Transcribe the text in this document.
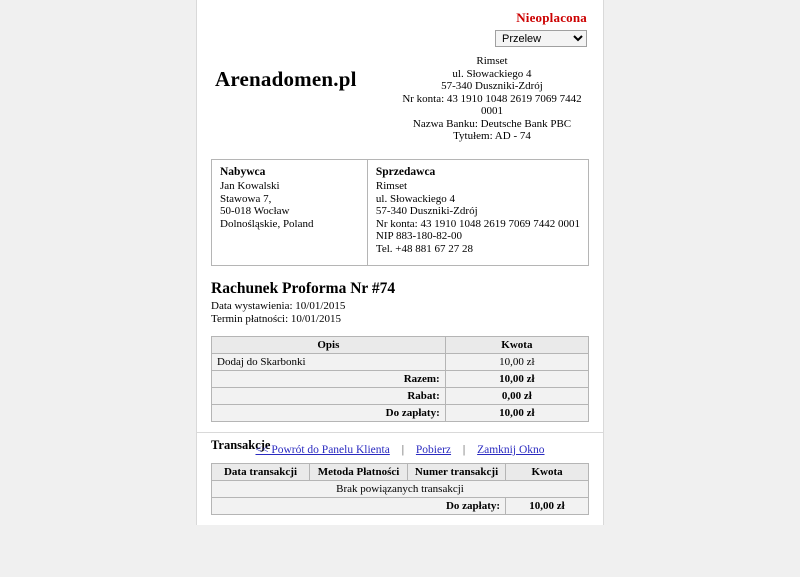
Nieoplacona
Przelew
Arenadomen.pl
Rimset
ul. Słowackiego 4
57-340 Duszniki-Zdrój
Nr konta: 43 1910 1048 2619 7069 7442 0001
Nazwa Banku: Deutsche Bank PBC
Tytułem: AD - 74
Nabywca
Jan Kowalski
Stawowa 7,
50-018 Wocław
Dolnośląskie, Poland
Sprzedawca
Rimset
ul. Słowackiego 4
57-340 Duszniki-Zdrój
Nr konta: 43 1910 1048 2619 7069 7442 0001
NIP 883-180-82-00
Tel. +48 881 67 27 28
Rachunek Proforma Nr #74
Data wystawienia: 10/01/2015
Termin płatności: 10/01/2015
Opis	Kwota
Dodaj do Skarbonki	10,00 zł
Razem:	10,00 zł
Rabat:	0,00 zł
Do zapłaty:	10,00 zł
Transakcje
Data transakcji	Metoda Płatności	Numer transakcji	Kwota
Brak powiązanych transakcji			
Do zapłaty:			10,00 zł
<< Powrót do Panelu Klienta | Pobierz | Zamknij Okno
